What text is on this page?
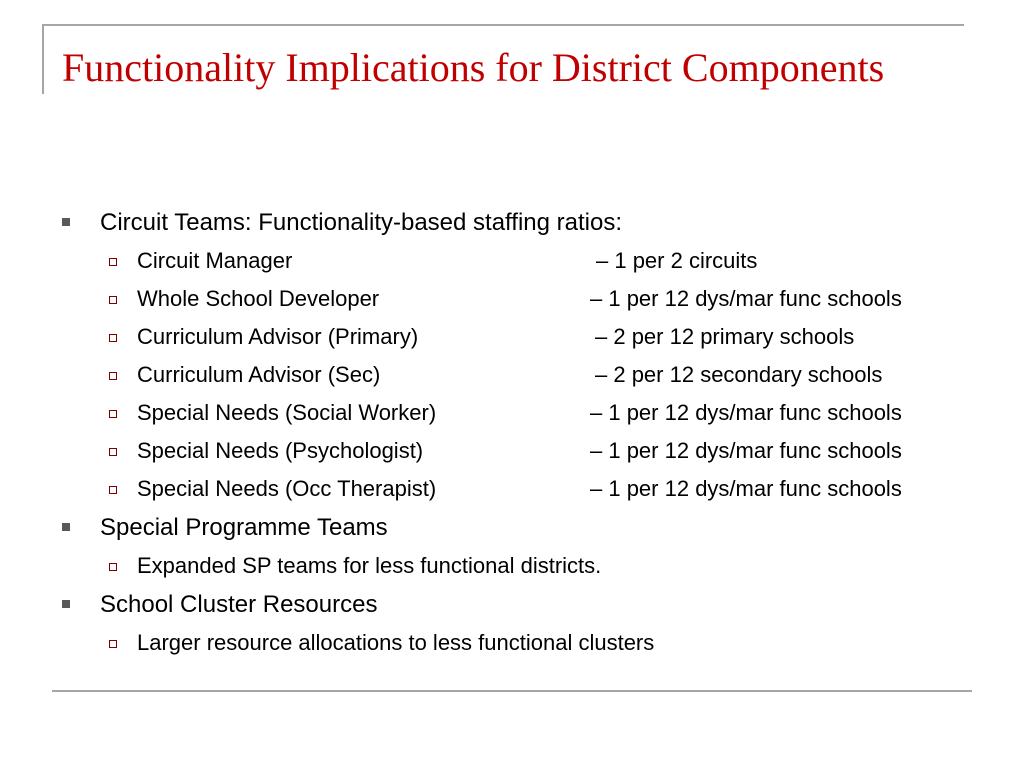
Functionality Implications for District Components
Circuit Teams: Functionality-based staffing ratios:
Circuit Manager	– 1 per 2 circuits
Whole School Developer	– 1 per 12 dys/mar func schools
Curriculum Advisor (Primary)	– 2 per 12 primary schools
Curriculum Advisor (Sec)	– 2 per 12 secondary schools
Special Needs (Social Worker)	– 1 per 12 dys/mar func schools
Special Needs (Psychologist)	– 1 per 12 dys/mar func schools
Special Needs (Occ Therapist)	– 1 per 12 dys/mar func schools
Special Programme Teams
Expanded SP teams for less functional districts.
School Cluster Resources
Larger resource allocations to less functional clusters
